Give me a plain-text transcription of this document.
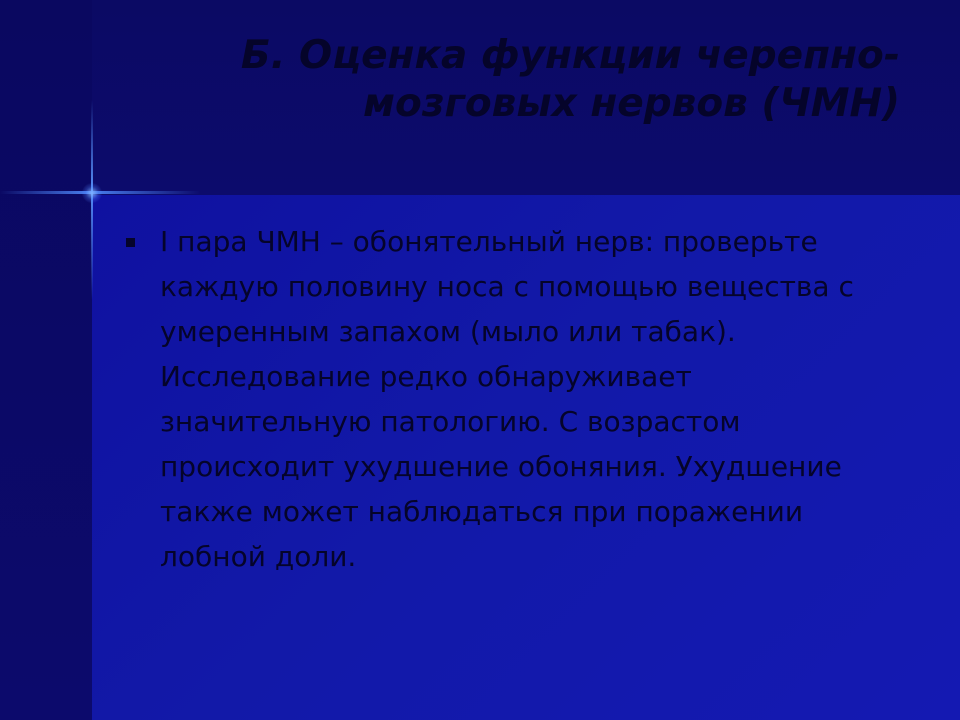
Б. Оценка функции черепно-мозговых нервов (ЧМН)
I пара ЧМН – обонятельный нерв: проверьте каждую половину носа с помощью вещества с умеренным запахом (мыло или табак). Исследование редко обнаруживает значительную патологию. С возрастом происходит ухудшение обоняния. Ухудшение также может наблюдаться при поражении лобной доли.
